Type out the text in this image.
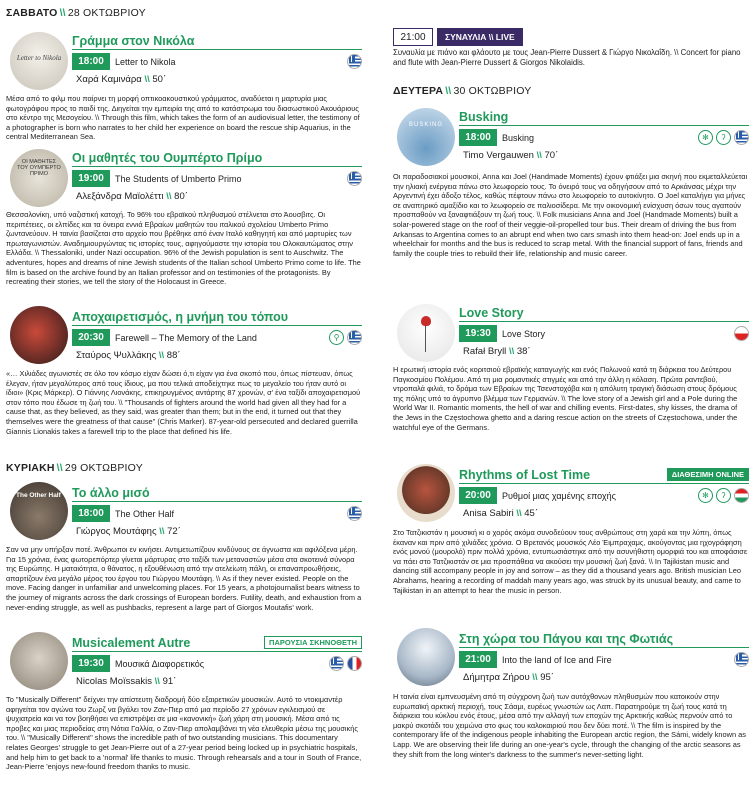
ΣΑΒΒΑΤΟ \\ 28 ΟΚΤΩΒΡΙΟΥ
Letter to Nikola
Γράμμα στον Νικόλα
18:00	Letter to Nikola
Χαρά Καμινάρα \\ 50΄
Μέσα από το φιλμ που παίρνει τη μορφή οπτικοακουστικού γράμματος, αναδύεται η μαρτυρία μιας φωτογράφου προς το παιδί της. Διηγείται την εμπειρία της από το κατάστρωμα του διασωστικού Ακουάριους στο κέντρο της Μεσογείου. \\ Through this film, which takes the form of an audiovisual letter, the testimony of a photographer is born who narrates to her child her experience on board the rescue ship Aquarius, in the central Mediterranean Sea.
ΟΙ ΜΑΘΗΤΕΣ ΤΟΥ ΟΥΜΠΕΡΤΟ ΠΡΙΜΟ
Οι μαθητές του Ουμπέρτο Πρίμο
19:00	The Students of Umberto Primo
Αλεξάνδρα Μαϊολέττι \\ 80΄
Θεσσαλονίκη, υπό ναζιστική κατοχή. Το 96% του εβραϊκού πληθυσμού στέλνεται στο Άουσβιτς. Οι περιπέτειες, οι ελπίδες και τα όνειρα εννιά Εβραίων μαθητών του ιταλικού σχολείου Umberto Primo ζωντανεύουν. Η ταινία βασίζεται στο αρχείο που βρέθηκε από έναν Ιταλό καθηγητή και από μαρτυρίες των πρωταγωνιστών. Αναδημιουργώντας τις ιστορίες τους, αφηγούμαστε την ιστορία του Ολοκαυτώματος στην Ελλάδα. \\ Thessaloniki, under Nazi occupation. 96% of the Jewish population is sent to Auschwitz. The adventures, hopes and dreams of nine Jewish students of the Italian school Umberto Primo come to life. The film is based on the archive found by an Italian professor and on testimonies of the protagonists. By recreating their stories, we tell the story of the Holocaust in Greece.
Αποχαιρετισμός, η μνήμη του τόπου
20:30	Farewell – The Memory of the Land	⚲
Σταύρος Ψυλλάκης \\ 88΄
«… Χιλιάδες αγωνιστές σε όλο τον κόσμο είχαν δώσει ό,τι είχαν για ένα σκοπό που, όπως πίστευαν, όπως έλεγαν, ήταν μεγαλύτερος από τους ίδιους, μα που τελικά αποδείχτηκε πως το μεγαλείο του ήταν αυτό οι ίδιοι» (Κρις Μάρκερ). Ο Γιάννης Λιονάκης, επικηρυγμένος αντάρτης 87 χρονών, σ' ένα ταξίδι αποχαιρετισμού στον τόπο που έδωσε τη ζωή του. \\ "Thousands of fighters around the world had given all they had for a cause that, as they believed, as they said, was greater than them; but in the end, it turned out that they themselves were the greatness of that cause" (Chris Marker). 87-year-old persecuted and declared guerrilla Giannis Lionakis takes a farewell trip to the place that defined his life.
ΚΥΡΙΑΚΗ \\ 29 ΟΚΤΩΒΡΙΟΥ
The Other Half Το άλλο μισό
18:00	The Other Half
Γιώργος Μουτάφης \\ 72΄
Σαν να μην υπήρξαν ποτέ. Άνθρωποι εν κινήσει. Αντιμετωπίζουν κινδύνους σε άγνωστα και αφιλόξενα μέρη. Για 15 χρόνια, ένας φωτορεπόρτερ γίνεται μάρτυρας στο ταξίδι των μεταναστών μέσα στα σκοτεινά σύνορα της Ευρώπης. Η ματαιότητα, ο θάνατος, η εξουθένωση από την ατελείωτη πάλη, οι επαναπροωθήσεις, απαρτίζουν ένα μεγάλο μέρος του έργου του Γιώργου Μουτάφη. \\ As if they never existed. People on the move. Facing danger in unfamiliar and unwelcoming places. For 15 years, a photojournalist bears witness to the journey of migrants across the dark crossings of European borders. Futility, death, and exhaustion from a never-ending struggle, as well as pushbacks, represent a large part of Giorgos Moutafis' work.
Musicalement Autre	ΠΑΡΟΥΣΙΑ ΣΚΗΝΟΘΕΤΗ
19:30	Μουσικά Διαφορετικός
Nicolas Moïssakis \\ 91΄
Το "Musically Different" δείχνει την απίστευτη διαδρομή δύο εξαιρετικών μουσικών. Αυτό το ντοκιμαντέρ αφηγείται τον αγώνα του Ζωρζ να βγάλει τον Ζαν-Πιερ από μια περίοδο 27 χρόνων εγκλεισμού σε ψυχιατρεία και να τον βοηθήσει να επιστρέψει σε μια «κανονική» ζωή χάρη στη μουσική. Μέσα από τις προβες και μιας περιοδείας στη Νότια Γαλλία, ο Ζαν-Πιερ απολαμβάνει τη νέα ελευθερία μέσω της μουσικής του. \\ "Musically Different" shows the incredible path of two outstanding musicians. This documentary relates Georges' struggle to get Jean-Pierre out of a 27-year period being locked up in psychiatric hospitals, and help him to get back to a 'normal' life thanks to music. Through rehearsals and a tour in South of France, Jean-Pierre 'enjoys new-found freedom thanks to music.
21:00	ΣΥΝΑΥΛΙΑ \\ LIVE
Συναυλία με πιάνο και φλάουτο με τους Jean-Pierre Dussert & Γιώργο Νικολαΐδη. \\ Concert for piano and flute with Jean-Pierre Dussert & Giorgos Nikolaidis.
ΔΕΥΤΕΡΑ \\ 30 ΟΚΤΩΒΡΙΟΥ
BUSKING
Busking
18:00	Busking	✻	ʔ
Timo Vergauwen \\ 70΄
Οι παραδοσιακοί μουσικοί, Anna και Joel (Handmade Moments) έχουν φτιάξει μια σκηνή που εκμεταλλεύεται την ηλιακή ενέργεια πάνω στο λεωφορείο τους. Το όνειρό τους να οδηγήσουν από το Αρκάνσας μέχρι την Αργεντινή έχει άδοξο τέλος, καθώς πέφτουν πάνω στο λεωφορείο το αυτοκίνητο. Ο Joel καταλήγει για μήνες σε αναπηρικό αμαξίδιο και το λεωφορείο σε παλιοσίδερα. Με την οικονομική ενίσχυση όσων τους αγαπούν προσπαθούν να ξαναφτιάξουν τη ζωή τους. \\ Folk musicians Anna and Joel (Handmade Moments) built a solar-powered stage on the roof of their veggie-oil-propelled tour bus. Their dream of driving the bus from Arkansas to Argentina comes to an abrupt end when two cars smash into them head-on: Joel ends up in a wheelchair for months and the bus is reduced to scrap metal. With the financial support of fans, friends and family the couple tries to rebuild their life, relationship and music career.
Love Story
19:30	Love Story
Rafał Bryll \\ 38΄
Η ερωτική ιστορία ενός κοριτσιού εβραϊκής καταγωγής και ενός Πολωνού κατά τη διάρκεια του Δεύτερου Παγκοσμίου Πολέμου. Από τη μια ρομαντικές στιγμές και από την άλλη η κόλαση. Πρώτα ραντεβού, ντροπαλά φιλιά, το δράμα των Εβραίων της Τσενστοχόβα και η απόλυτη τραγική διάσωση στους δρόμους της πόλης υπό το άγρυπνο βλέμμα των Γερμανών. \\ The love story of a Jewish girl and a Pole during the World War II. Romantic moments, the hell of war and chilling events. First-dates, shy kisses, the drama of the Jews in the Częstochowa ghetto and a daring rescue action on the streets of Częstochowa, under the watchful eye of the Germans.
Rhythms of Lost Time	ΔΙΑΘΕΣΙΜΗ ONLINE
20:00	Ρυθμοί μιας χαμένης εποχής	✻	ʔ
Anisa Sabiri \\ 45΄
Στο Τατζικιστάν η μουσική κι ο χορός ακόμα συνοδεύουν τους ανθρώπους στη χαρά και την λύπη, όπως έκαναν και πριν από χιλιάδες χρόνια. Ο Βρετανός μουσικός Λέο Έιμπραχαμς, ακούγοντας μια ηχογράφηση ενός μονού (μουρολό) πριν πολλά χρόνια, εντυπωσιάστηκε από την ασυνήθιστη ομορφιά του και αποφάσισε να πάει στο Τατζικιστάν σε μια προσπάθεια να ακούσει την μουσική ζωή ξανά. \\ In Tajikistan music and dancing still accompany people in joy and sorrow – as they did a thousand years ago. British musician Leo Abrahams, hearing a recording of maddah many years ago, was struck by its unusual beauty, and came to Tajikistan in an attempt to hear the music in person.
Στη χώρα του Πάγου και της Φωτιάς
21:00	Into the land of Ice and Fire
Δήμητρα Ζήρου \\ 95΄
Η ταινία είναι εμπνευσμένη από τη σύγχρονη ζωή των αυτόχθονων πληθυσμών που κατοικούν στην ευρωπαϊκή αρκτική περιοχή, τους Σάαμι, ευρέως γνωστών ως Λαπ. Παρατηρούμε τη ζωή τους κατά τη διάρκεια του κύκλου ενός έτους, μέσα από την αλλαγή των εποχών της Αρκτικής καθώς περνούν από το μακρύ σκοτάδι του χειμώνα στο φως του καλοκαιριού που δεν δύει ποτέ. \\ The film is inspired by the contemporary life of the indigenous people inhabiting the European arctic region, the Sámi, widely known as Lapp. We are observing their life during an one-year's cycle, through the changing of the arctic seasons as they shift from the long winter's darkness to the summer's never-setting light.
